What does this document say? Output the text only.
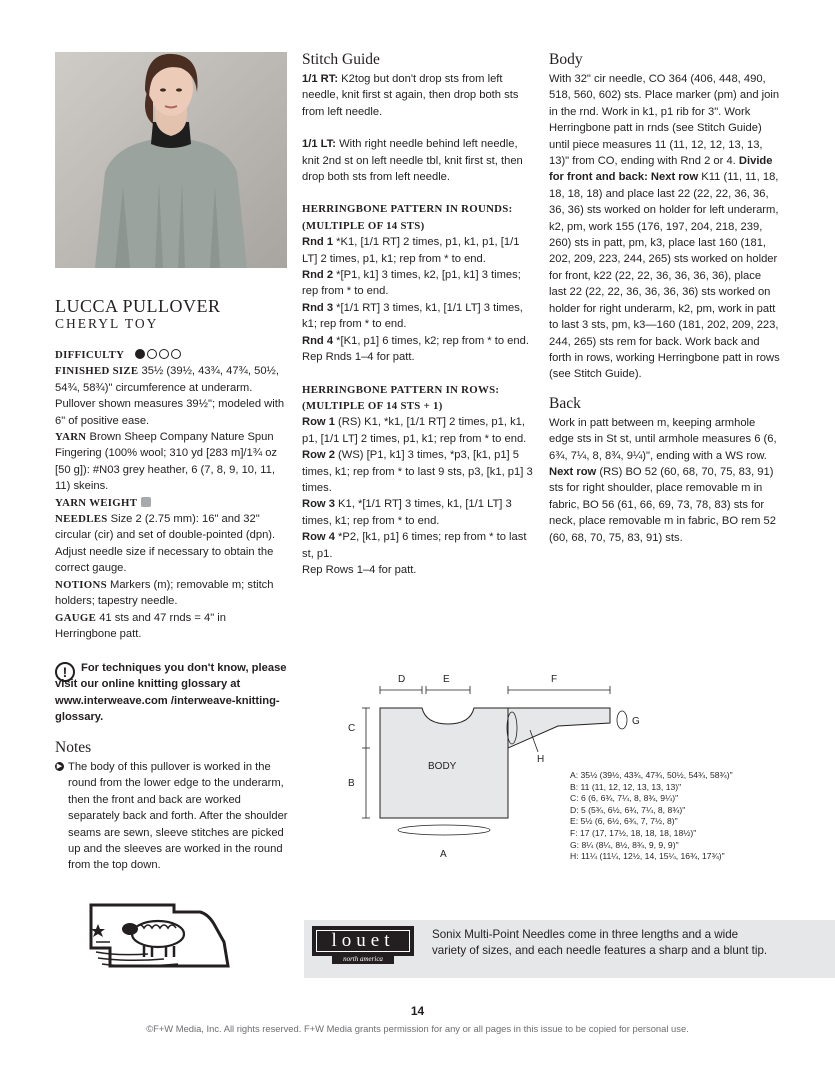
LUCCA PULLOVER
CHERYL TOY

DIFFICULTY

FINISHED SIZE 35½ (39½, 43¾, 47¾, 50½, 54¾, 58¾)" circumference at underarm. Pullover shown measures 39½"; modeled with 6" of positive ease.

YARN Brown Sheep Company Nature Spun Fingering (100% wool; 310 yd [283 m]/1¾ oz [50 g]): #N03 grey heather, 6 (7, 8, 9, 10, 11, 11) skeins.

YARN WEIGHT

NEEDLES Size 2 (2.75 mm): 16" and 32" circular (cir) and set of double-pointed (dpn). Adjust needle size if necessary to obtain the correct gauge.

NOTIONS Markers (m); removable m; stitch holders; tapestry needle.

GAUGE 41 sts and 47 rnds = 4" in Herringbone patt.

!	For techniques you don't know, please visit our online knitting glossary at www.interweave.com /interweave-knitting-glossary.

Notes
▶ The body of this pullover is worked in the round from the lower edge to the underarm, then the front and back are worked separately back and forth. After the shoulder seams are sewn, sleeve stitches are picked up and the sleeves are worked in the round from the top down.
Stitch Guide

1/1 RT: K2tog but don't drop sts from left needle, knit first st again, then drop both sts from left needle.

1/1 LT: With right needle behind left needle, knit 2nd st on left needle tbl, knit first st, then drop both sts from left needle.

HERRINGBONE PATTERN IN ROUNDS: (MULTIPLE OF 14 STS)

Rnd 1 *K1, [1/1 RT] 2 times, p1, k1, p1, [1/1 LT] 2 times, p1, k1; rep from * to end.

Rnd 2 *[P1, k1] 3 times, k2, [p1, k1] 3 times; rep from * to end.

Rnd 3 *[1/1 RT] 3 times, k1, [1/1 LT] 3 times, k1; rep from * to end.

Rnd 4 *[K1, p1] 6 times, k2; rep from * to end.

Rep Rnds 1–4 for patt.

HERRINGBONE PATTERN IN ROWS: (MULTIPLE OF 14 STS + 1)

Row 1 (RS) K1, *k1, [1/1 RT] 2 times, p1, k1, p1, [1/1 LT] 2 times, p1, k1; rep from * to end.

Row 2 (WS) [P1, k1] 3 times, *p3, [k1, p1] 5 times, k1; rep from * to last 9 sts, p3, [k1, p1] 3 times.

Row 3 K1, *[1/1 RT] 3 times, k1, [1/1 LT] 3 times, k1; rep from * to end.

Row 4 *P2, [k1, p1] 6 times; rep from * to last st, p1.

Rep Rows 1–4 for patt.

Body

With 32" cir needle, CO 364 (406, 448, 490, 518, 560, 602) sts. Place marker (pm) and join in the rnd. Work in k1, p1 rib for 3". Work Herringbone patt in rnds (see Stitch Guide) until piece measures 11 (11, 12, 12, 13, 13, 13)" from CO, ending with Rnd 2 or 4. Divide for front and back: Next row K11 (11, 11, 18, 18, 18, 18) and place last 22 (22, 22, 36, 36, 36, 36) sts worked on holder for left underarm, k2, pm, work 155 (176, 197, 204, 218, 239, 260) sts in patt, pm, k3, place last 160 (181, 202, 209, 223, 244, 265) sts worked on holder for front, k22 (22, 22, 36, 36, 36, 36), place last 22 (22, 22, 36, 36, 36, 36) sts worked on holder for right underarm, k2, pm, work in patt to last 3 sts, pm, k3—160 (181, 202, 209, 223, 244, 265) sts rem for back. Work back and forth in rows, working Herringbone patt in rows (see Stitch Guide).

Back

Work in patt between m, keeping armhole edge sts in St st, until armhole measures 6 (6, 6¾, 7¼, 8, 8¾, 9¼)", ending with a WS row. Next row (RS) BO 52 (60, 68, 70, 75, 83, 91) sts for right shoulder, place removable m in fabric, BO 56 (61, 66, 69, 73, 78, 83) sts for neck, place removable m in fabric, BO rem 52 (60, 68, 70, 75, 83, 91) sts.

D	E	F
C
B
A
G
H
BODY
A: 35½ (39½, 43¾, 47¾, 50½, 54¾, 58¾)"
B: 11 (11, 12, 12, 13, 13, 13)"
C: 6 (6, 6¾, 7¼, 8, 8¾, 9¼)"
D: 5 (5¾, 6½, 6¾, 7¼, 8, 8¾)"
E: 5½ (6, 6½, 6¾, 7, 7½, 8)"
F: 17 (17, 17½, 18, 18, 18, 18½)"
G: 8¼ (8¼, 8½, 8¾, 9, 9, 9)"
H: 11¼ (11¼, 12½, 14, 15¼, 16¾, 17¾)"
louet
north america
Sonix Multi-Point Needles come in three lengths and a wide variety of sizes, and each needle features a sharp and a blunt tip.
14
©F+W Media, Inc. All rights reserved. F+W Media grants permission for any or all pages in this issue to be copied for personal use.
